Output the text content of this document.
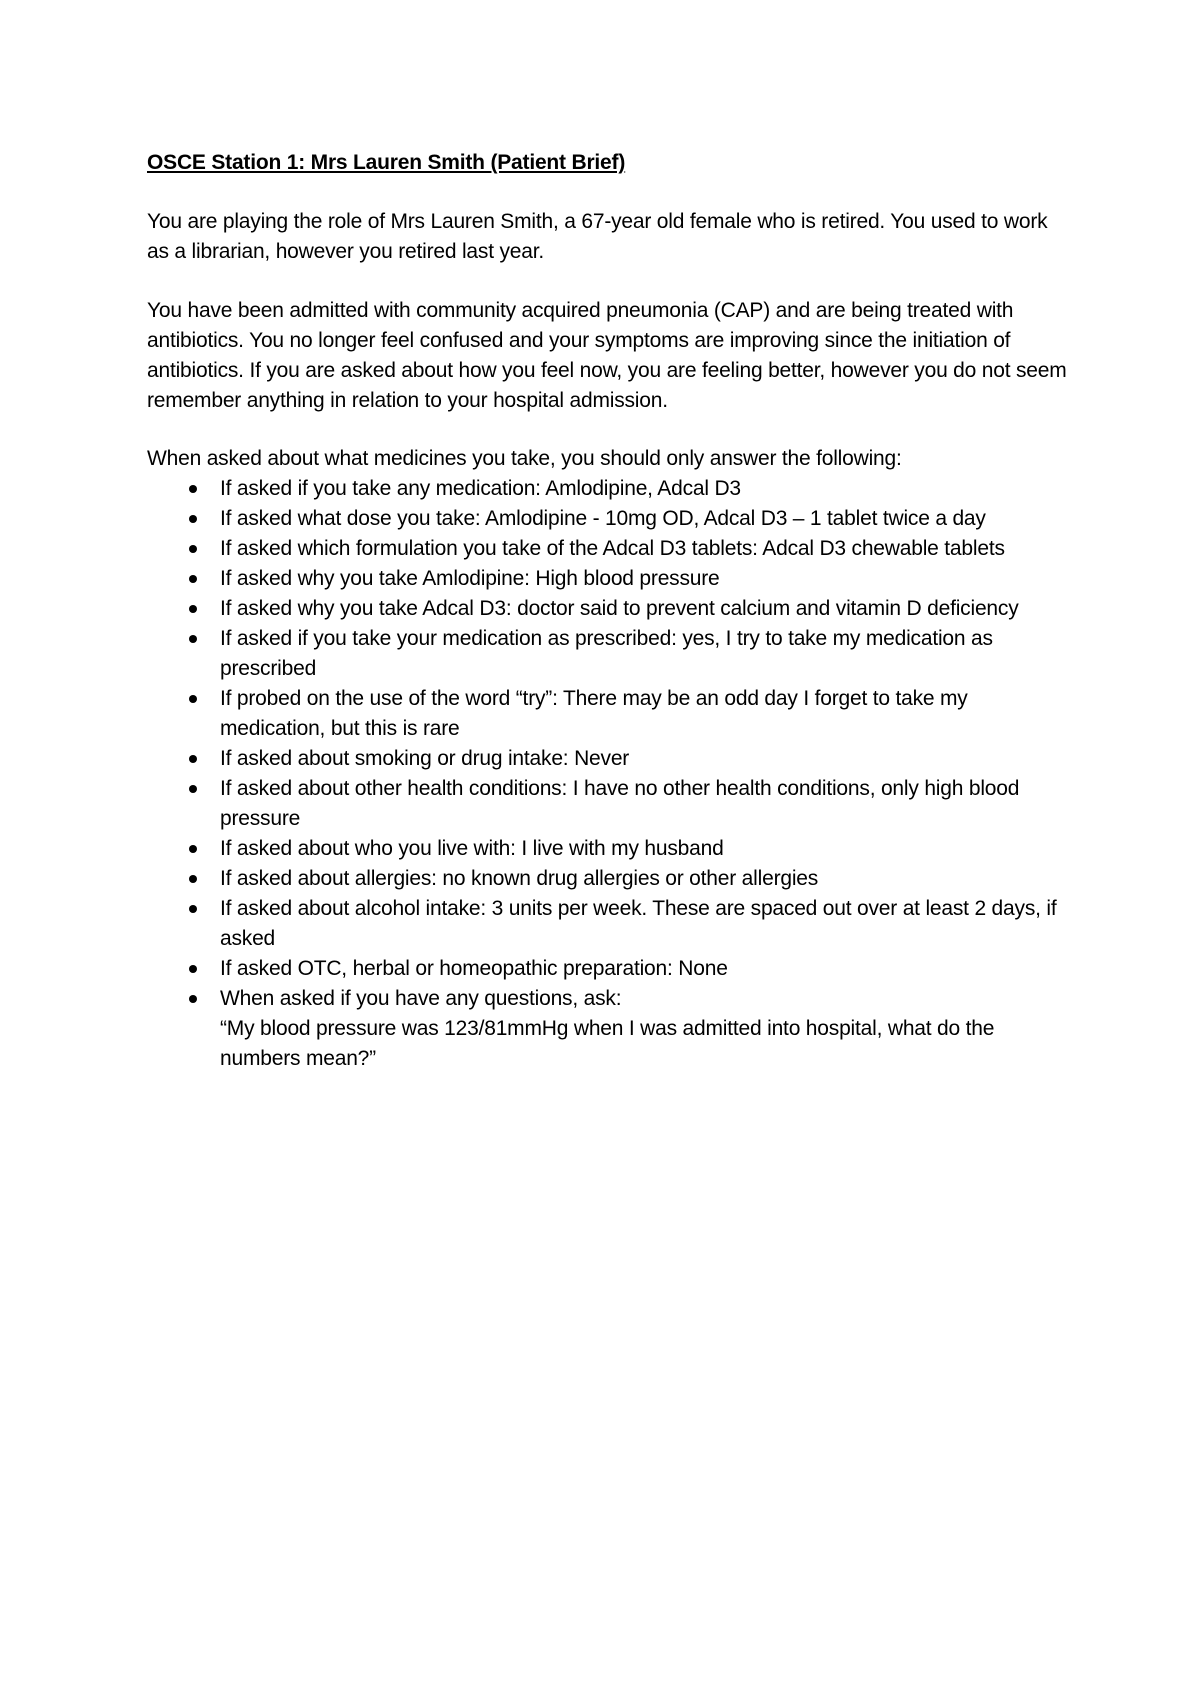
OSCE Station 1: Mrs Lauren Smith (Patient Brief)

You are playing the role of Mrs Lauren Smith, a 67-year old female who is retired. You used to work as a librarian, however you retired last year.

You have been admitted with community acquired pneumonia (CAP) and are being treated with antibiotics. You no longer feel confused and your symptoms are improving since the initiation of antibiotics. If you are asked about how you feel now, you are feeling better, however you do not seem remember anything in relation to your hospital admission.

When asked about what medicines you take, you should only answer the following:

If asked if you take any medication: Amlodipine, Adcal D3
If asked what dose you take: Amlodipine - 10mg OD, Adcal D3 – 1 tablet twice a day
If asked which formulation you take of the Adcal D3 tablets: Adcal D3 chewable tablets
If asked why you take Amlodipine: High blood pressure
If asked why you take Adcal D3: doctor said to prevent calcium and vitamin D deficiency
If asked if you take your medication as prescribed: yes, I try to take my medication as prescribed
If probed on the use of the word “try”: There may be an odd day I forget to take my medication, but this is rare
If asked about smoking or drug intake: Never
If asked about other health conditions: I have no other health conditions, only high blood pressure
If asked about who you live with: I live with my husband
If asked about allergies: no known drug allergies or other allergies
If asked about alcohol intake: 3 units per week. These are spaced out over at least 2 days, if asked
If asked OTC, herbal or homeopathic preparation: None
When asked if you have any questions, ask:
“My blood pressure was 123/81mmHg when I was admitted into hospital, what do the numbers mean?”
